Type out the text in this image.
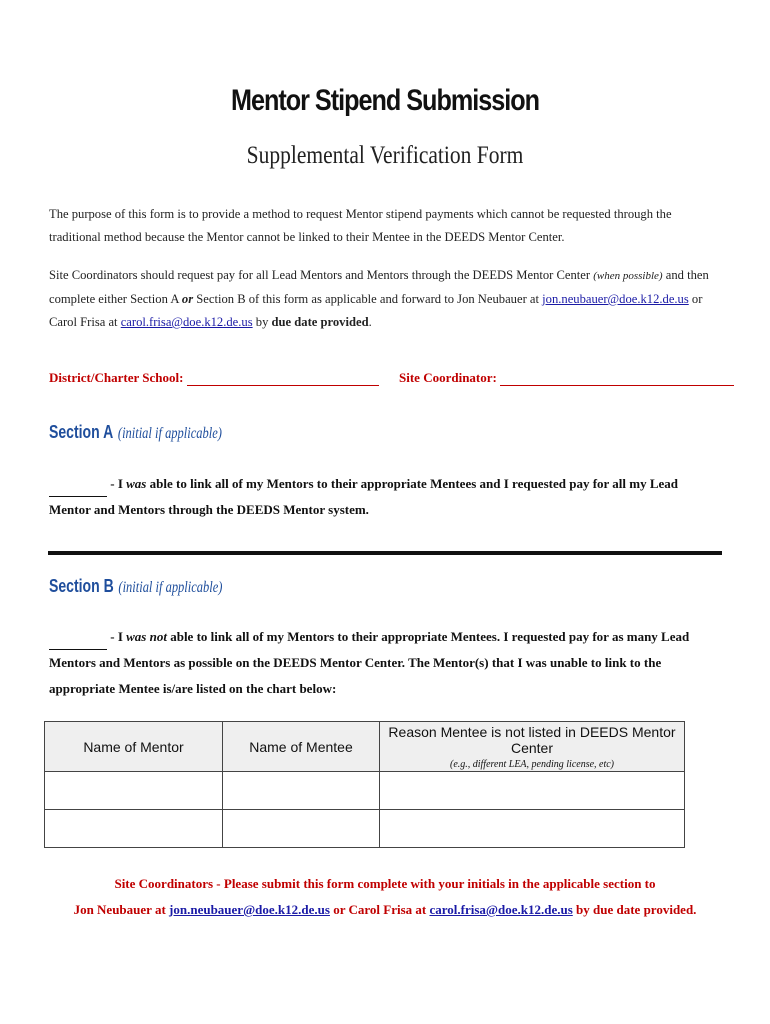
Mentor Stipend Submission
Supplemental Verification Form
The purpose of this form is to provide a method to request Mentor stipend payments which cannot be requested through the traditional method because the Mentor cannot be linked to their Mentee in the DEEDS Mentor Center.
Site Coordinators should request pay for all Lead Mentors and Mentors through the DEEDS Mentor Center (when possible) and then complete either Section A or Section B of this form as applicable and forward to Jon Neubauer at jon.neubauer@doe.k12.de.us or Carol Frisa at carol.frisa@doe.k12.de.us by due date provided.
District/Charter School:	Site Coordinator:
Section A (initial if applicable)
- I was able to link all of my Mentors to their appropriate Mentees and I requested pay for all my Lead Mentor and Mentors through the DEEDS Mentor system.
Section B (initial if applicable)
- I was not able to link all of my Mentors to their appropriate Mentees. I requested pay for as many Lead Mentors and Mentors as possible on the DEEDS Mentor Center. The Mentor(s) that I was unable to link to the appropriate Mentee is/are listed on the chart below:
Name of Mentor	Name of Mentee	Reason Mentee is not listed in DEEDS Mentor Center
(e.g., different LEA, pending license, etc)

Site Coordinators - Please submit this form complete with your initials in the applicable section to
Jon Neubauer at jon.neubauer@doe.k12.de.us or Carol Frisa at carol.frisa@doe.k12.de.us by due date provided.
